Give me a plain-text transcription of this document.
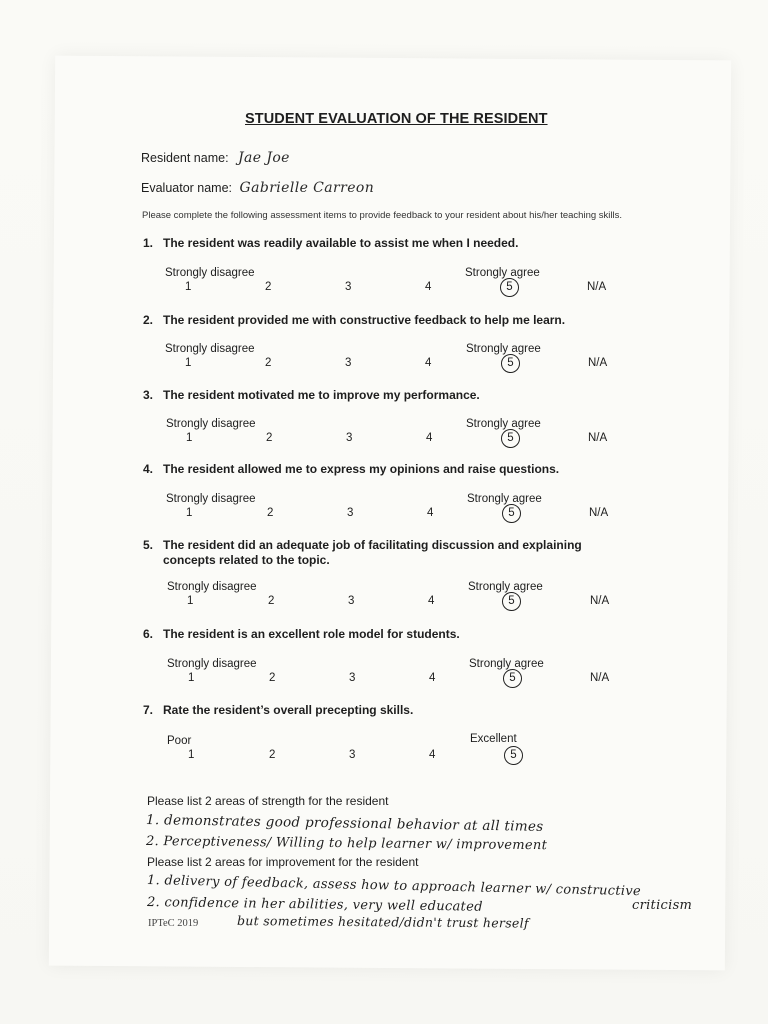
STUDENT EVALUATION OF THE RESIDENT
Resident name: Jae Joe
Evaluator name: Gabrielle Carreon
Please complete the following assessment items to provide feedback to your resident about his/her teaching skills.
1. The resident was readily available to assist me when I needed.
Strongly disagree	Strongly agree
1	2	3	4	5	N/A
2. The resident provided me with constructive feedback to help me learn.
Strongly disagree	Strongly agree
1	2	3	4	5	N/A
3. The resident motivated me to improve my performance.
Strongly disagree	Strongly agree
1	2	3	4	5	N/A
4. The resident allowed me to express my opinions and raise questions.
Strongly disagree	Strongly agree
1	2	3	4	5	N/A
5. The resident did an adequate job of facilitating discussion and explaining
concepts related to the topic.
Strongly disagree	Strongly agree
1	2	3	4	5	N/A
6. The resident is an excellent role model for students.
Strongly disagree	Strongly agree
1	2	3	4	5	N/A
7. Rate the resident’s overall precepting skills.
Poor	Excellent
1	2	3	4	5
Please list 2 areas of strength for the resident
1. demonstrates good professional behavior at all times
2. Perceptiveness/ Willing to help learner w/ improvement
Please list 2 areas for improvement for the resident
1. delivery of feedback, assess how to approach learner w/ constructive
criticism
2. confidence in her abilities, very well educated
but sometimes hesitated/didn't trust herself
IPTeC 2019
